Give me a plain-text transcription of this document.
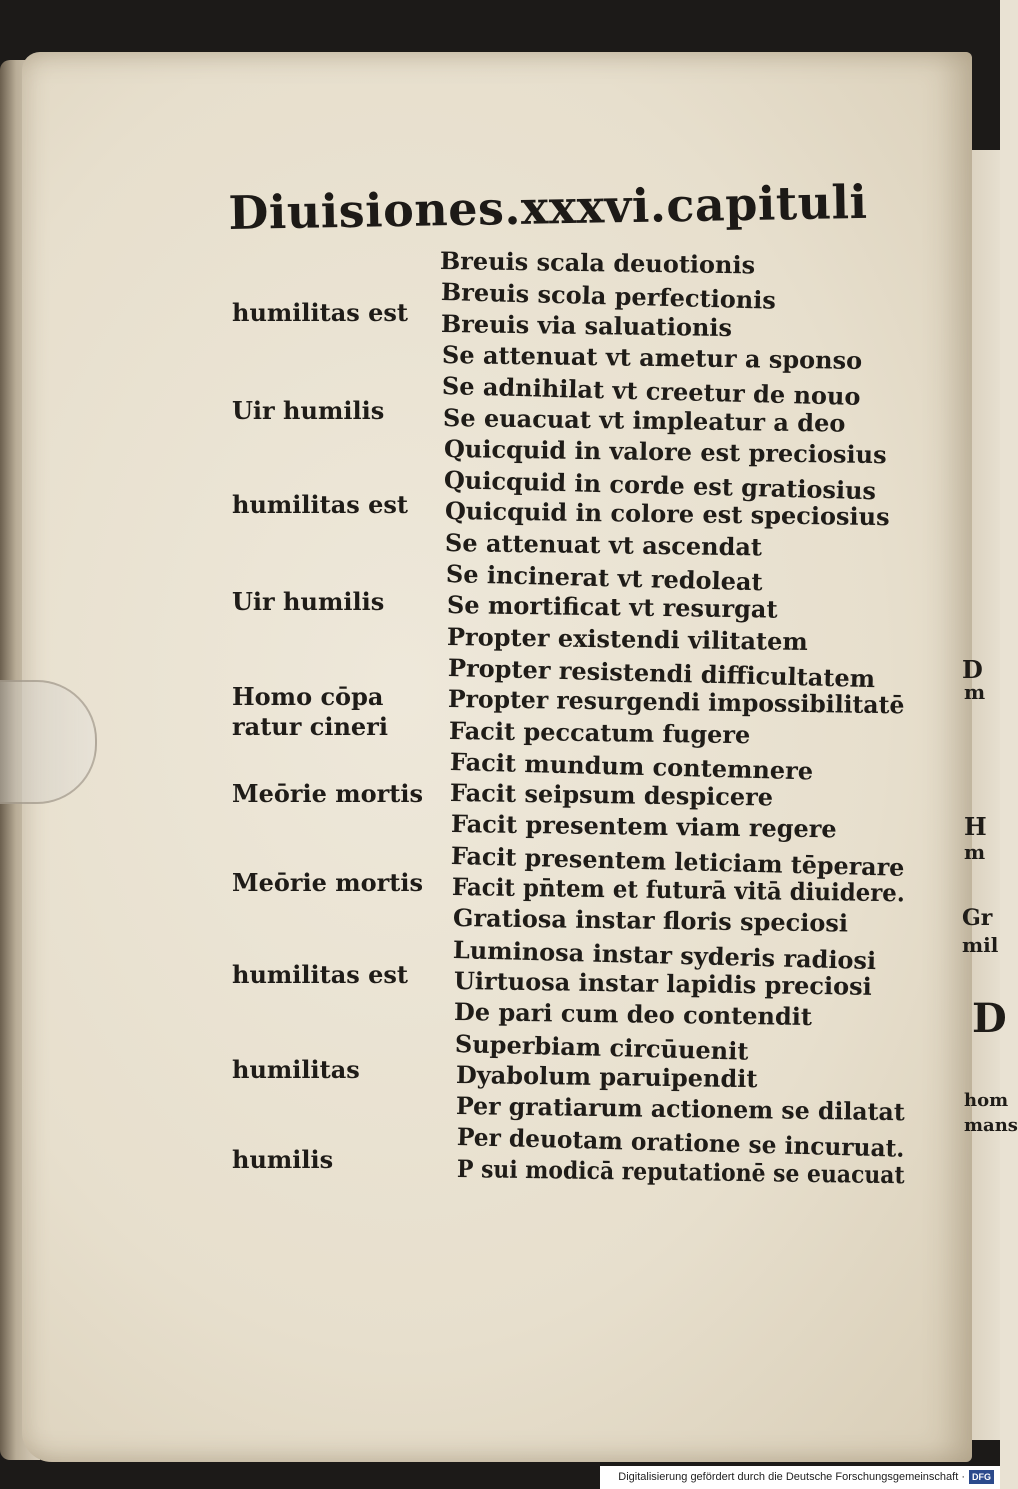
Diuisiones.xxxvi.capituli
humilitas est
Uir humilis
humilitas est
Uir humilis
Homo cōpa
ratur cineri
Meōrie mortis
Meōrie mortis
humilitas est
humilitas
humilis
Breuis scala deuotionis
Breuis scola perfectionis
Breuis via saluationis
Se attenuat vt ametur a sponso
Se adnihilat vt creetur de nouo
Se euacuat vt impleatur a deo
Quicquid in valore est preciosius
Quicquid in corde est gratiosius
Quicquid in colore est speciosius
Se attenuat vt ascendat
Se incinerat vt redoleat
Se mortificat vt resurgat
Propter existendi vilitatem
Propter resistendi difficultatem
Propter resurgendi impossibilitatē
Facit peccatum fugere
Facit mundum contemnere
Facit seipsum despicere
Facit presentem viam regere
Facit presentem leticiam tēperare
Facit pn̄tem et futurā vitā diuidere.
Gratiosa instar floris speciosi
Luminosa instar syderis radiosi
Uirtuosa instar lapidis preciosi
De pari cum deo contendit
Superbiam circūuenit
Dyabolum paruipendit
Per gratiarum actionem se dilatat
Per deuotam oratione se incuruat.
P sui modicā reputationē se euacuat
D
m
H
m
Gr
mil
D
hom
mans
Digitalisierung gefördert durch die Deutsche Forschungsgemeinschaft · DFG
